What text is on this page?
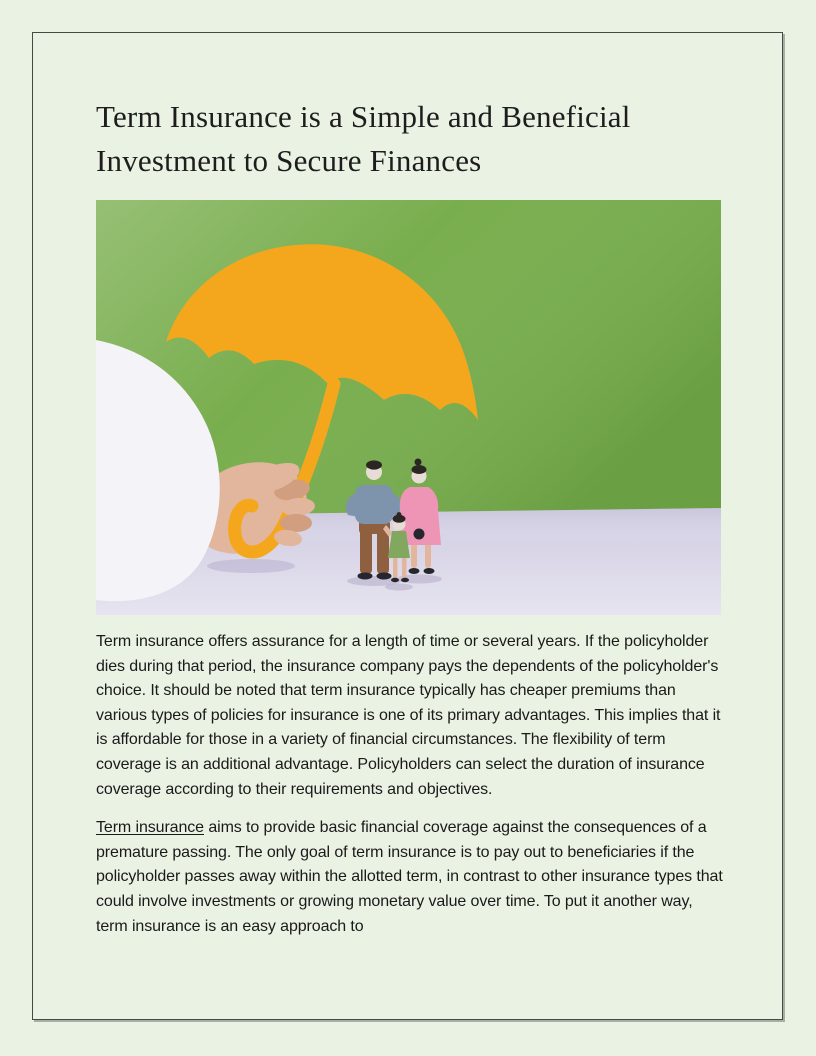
Term Insurance is a Simple and Beneficial Investment to Secure Finances

Term insurance offers assurance for a length of time or several years. If the policyholder dies during that period, the insurance company pays the dependents of the policyholder's choice. It should be noted that term insurance typically has cheaper premiums than various types of policies for insurance is one of its primary advantages. This implies that it is affordable for those in a variety of financial circumstances. The flexibility of term coverage is an additional advantage. Policyholders can select the duration of insurance coverage according to their requirements and objectives.

Term insurance aims to provide basic financial coverage against the consequences of a premature passing. The only goal of term insurance is to pay out to beneficiaries if the policyholder passes away within the allotted term, in contrast to other insurance types that could involve investments or growing monetary value over time. To put it another way, term insurance is an easy approach to
